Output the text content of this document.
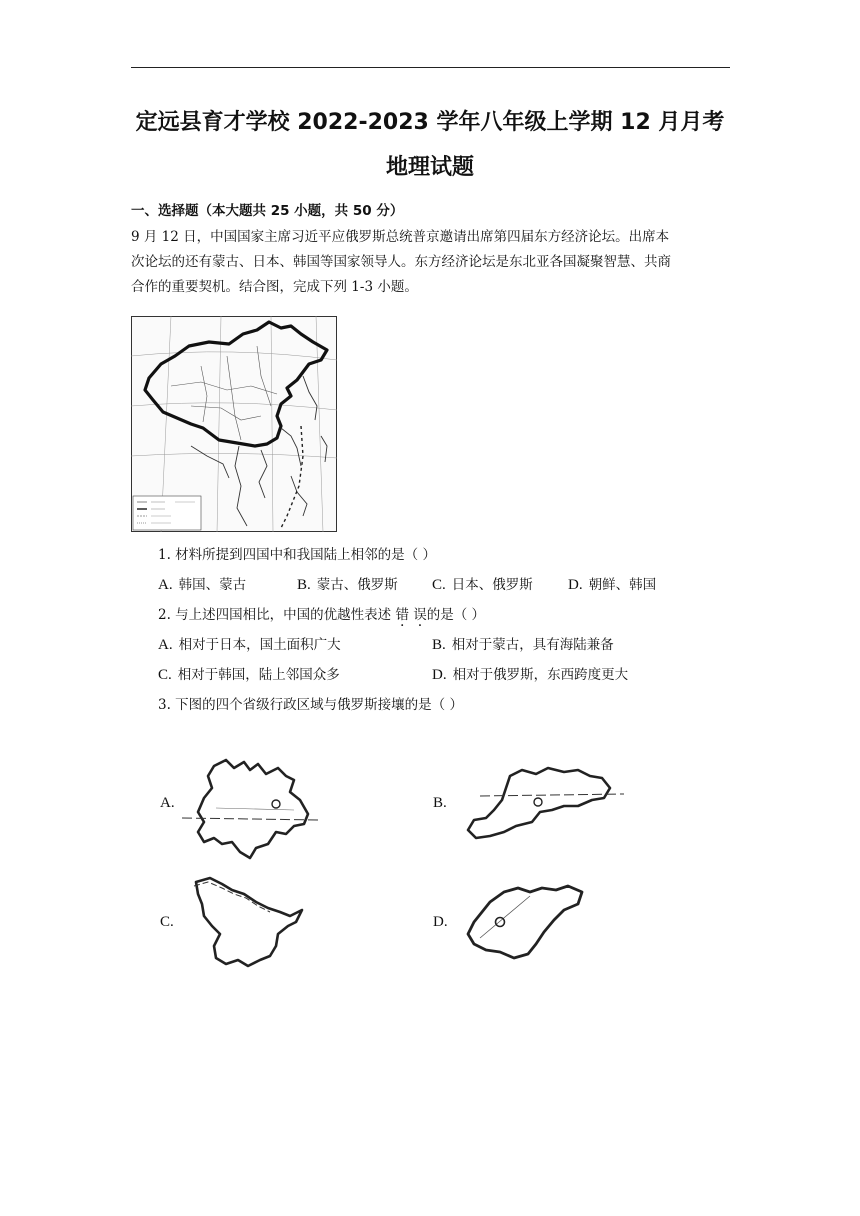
定远县育才学校 2022-2023 学年八年级上学期 12 月月考
地理试题
一、选择题（本大题共 25 小题，共 50 分）
9 月 12 日，中国国家主席习近平应俄罗斯总统普京邀请出席第四届东方经济论坛。出席本
次论坛的还有蒙古、日本、韩国等国家领导人。东方经济论坛是东北亚各国凝聚智慧、共商
合作的重要契机。结合图，完成下列 1-3 小题。
1. 材料所提到四国中和我国陆上相邻的是（ ）
A. 韩国、蒙古	B. 蒙古、俄罗斯 C. 日本、俄罗斯 D. 朝鲜、韩国
2. 与上述四国相比，中国的优越性表述 错 误的是（ ）
A. 相对于日本，国土面积广大	B. 相对于蒙古，具有海陆兼备
C. 相对于韩国，陆上邻国众多	D. 相对于俄罗斯，东西跨度更大
3. 下图的四个省级行政区域与俄罗斯接壤的是（ ）
A.	B.
C.	D.
